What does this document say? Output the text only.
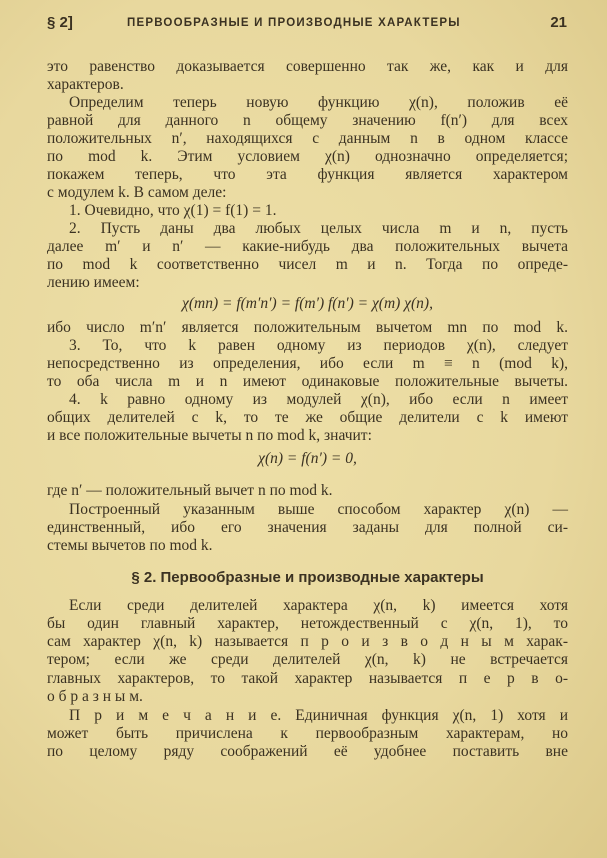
§ 2]	ПЕРВООБРАЗНЫЕ И ПРОИЗВОДНЫЕ ХАРАКТЕРЫ	21
это равенство доказывается совершенно так же, как и для
характеров.
Определим теперь новую функцию χ(n), положив её
равной для данного n общему значению f(n′) для всех
положительных n′, находящихся с данным n в одном классе
по mod k. Этим условием χ(n) однозначно определяется;
покажем теперь, что эта функция является характером
с модулем k. В самом деле:
1. Очевидно, что χ(1) = f(1) = 1.
2. Пусть даны два любых целых числа m и n, пусть
далее m′ и n′ — какие-нибудь два положительных вычета
по mod k соответственно чисел m и n. Тогда по опреде-
лению имеем:
χ(mn) = f(m′n′) = f(m′) f(n′) = χ(m) χ(n),
ибо число m′n′ является положительным вычетом mn по mod k.
3. То, что k равен одному из периодов χ(n), следует
непосредственно из определения, ибо если m ≡ n (mod k),
то оба числа m и n имеют одинаковые положительные вычеты.
4. k равно одному из модулей χ(n), ибо если n имеет
общих делителей с k, то те же общие делители с k имеют
и все положительные вычеты n по mod k, значит:
χ(n) = f(n′) = 0,
где n′ — положительный вычет n по mod k.
Построенный указанным выше способом характер χ(n) —
единственный, ибо его значения заданы для полной си-
стемы вычетов по mod k.
§ 2. Первообразные и производные характеры
Если среди делителей характера χ(n, k) имеется хотя
бы один главный характер, нетождественный с χ(n, 1), то
сам характер χ(n, k) называется п р о и з в о д н ы м харак-
тером; если же среди делителей χ(n, k) не встречается
главных характеров, то такой характер называется п е р в о-
о б р а з н ы м.
П р и м е ч а н и е. Единичная функция χ(n, 1) хотя и
может быть причислена к первообразным характерам, но
по целому ряду соображений её удобнее поставить вне
